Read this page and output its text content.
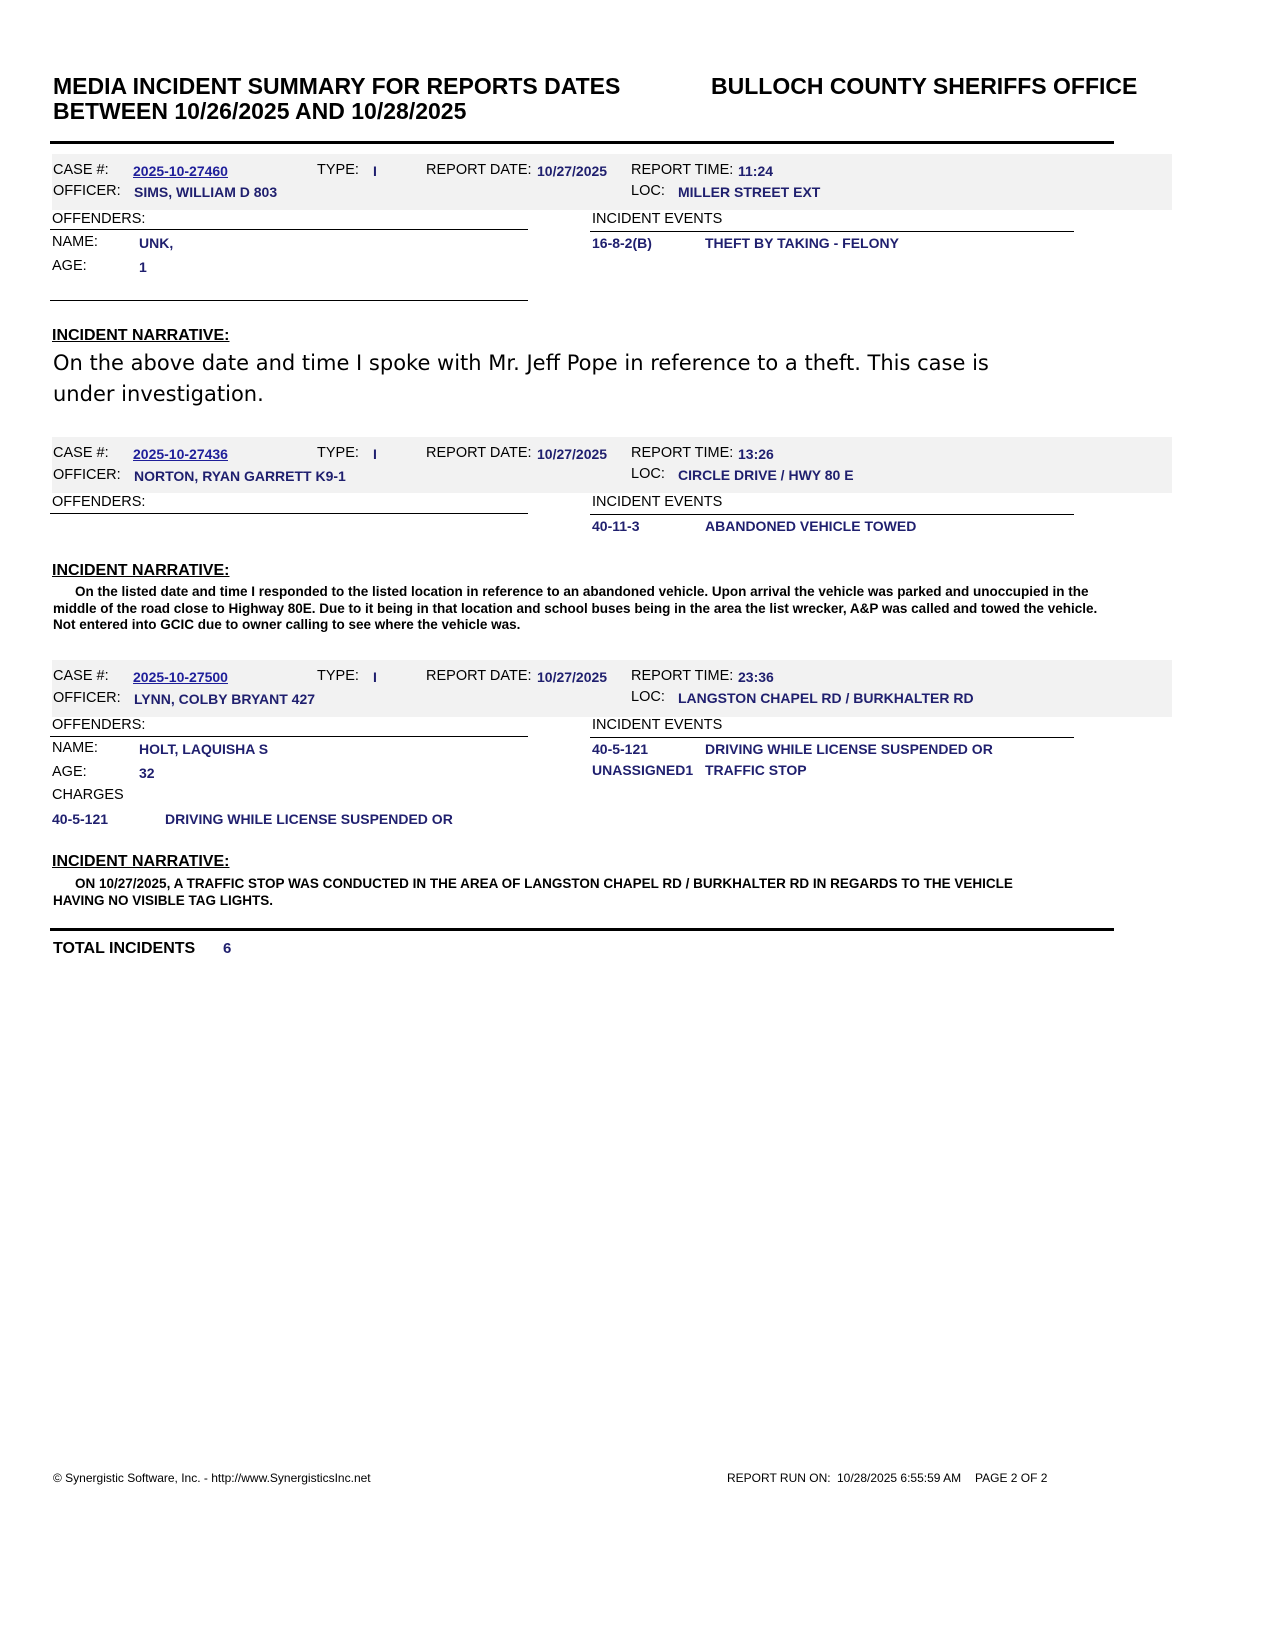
MEDIA INCIDENT SUMMARY FOR REPORTS DATES
BETWEEN 10/26/2025 AND 10/28/2025
BULLOCH COUNTY SHERIFFS OFFICE
CASE #: 2025-10-27460	TYPE: I	REPORT DATE: 10/27/2025 REPORT TIME: 11:24
OFFICER: SIMS, WILLIAM D 803	LOC: MILLER STREET EXT
OFFENDERS:	INCIDENT EVENTS
NAME:	UNK,
AGE:	1
16-8-2(B)	THEFT BY TAKING - FELONY
INCIDENT NARRATIVE:
On the above date and time I spoke with Mr. Jeff Pope in reference to a theft. This case is under investigation.
CASE #: 2025-10-27436	TYPE: I	REPORT DATE: 10/27/2025 REPORT TIME: 13:26
OFFICER: NORTON, RYAN GARRETT K9-1	LOC: CIRCLE DRIVE / HWY 80 E
OFFENDERS:	INCIDENT EVENTS
40-11-3	ABANDONED VEHICLE TOWED
INCIDENT NARRATIVE:
On the listed date and time I responded to the listed location in reference to an abandoned vehicle. Upon arrival the vehicle was parked and unoccupied in the middle of the road close to Highway 80E. Due to it being in that location and school buses being in the area the list wrecker, A&P was called and towed the vehicle. Not entered into GCIC due to owner calling to see where the vehicle was.
CASE #: 2025-10-27500	TYPE: I	REPORT DATE: 10/27/2025 REPORT TIME: 23:36
OFFICER: LYNN, COLBY BRYANT 427	LOC: LANGSTON CHAPEL RD / BURKHALTER RD
OFFENDERS:	INCIDENT EVENTS
NAME:	HOLT, LAQUISHA S
AGE:	32
CHARGES
40-5-121	DRIVING WHILE LICENSE SUSPENDED OR
40-5-121	DRIVING WHILE LICENSE SUSPENDED OR
UNASSIGNED1 TRAFFIC STOP
INCIDENT NARRATIVE:
ON 10/27/2025, A TRAFFIC STOP WAS CONDUCTED IN THE AREA OF LANGSTON CHAPEL RD / BURKHALTER RD IN REGARDS TO THE VEHICLE HAVING NO VISIBLE TAG LIGHTS.
TOTAL INCIDENTS 6
© Synergistic Software, Inc. - http://www.SynergisticsInc.net	REPORT RUN ON: 10/28/2025 6:55:59 AM PAGE 2 OF 2
